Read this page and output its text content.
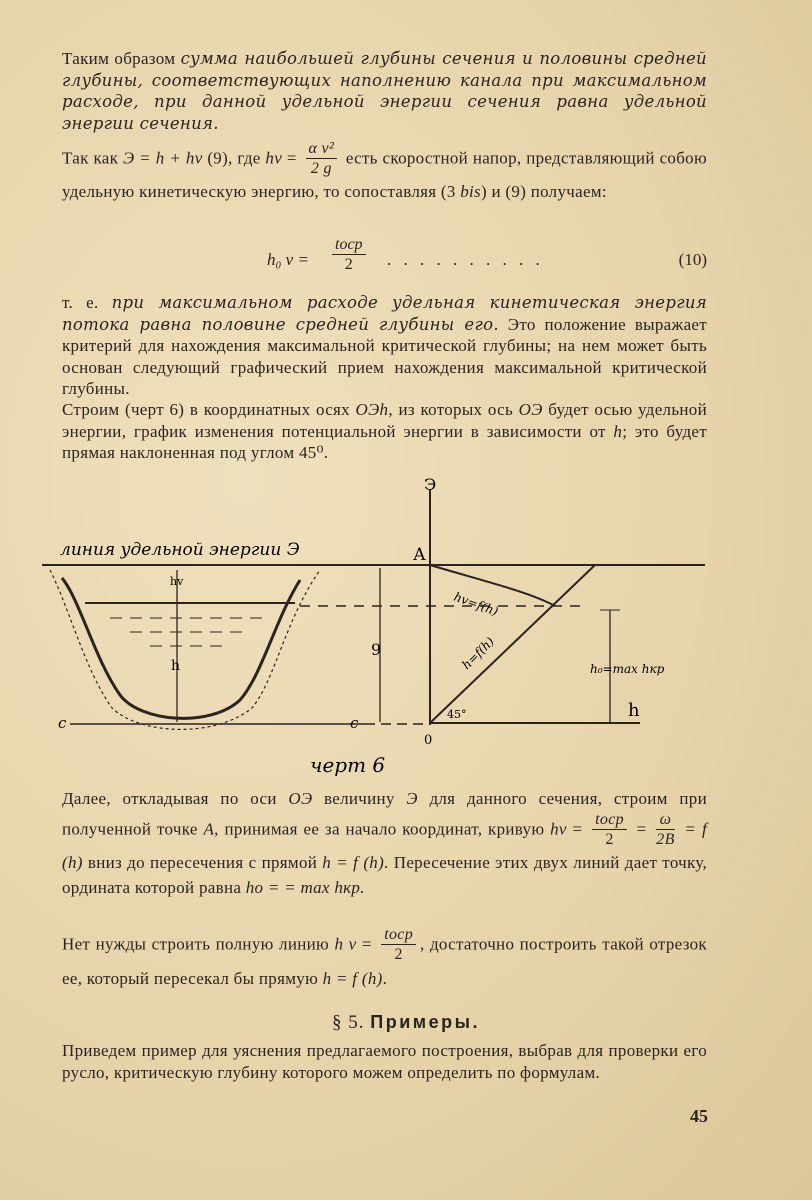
Таким образом сумма наибольшей глубины сечения и половины средней глубины, соответствующих наполнению канала при максимальном расходе, при данной удельной энергии сечения равна удельной энергии сечения.
Так как Э = h + hv (9), где hv = $\frac{\text{α v²}}{2 g}$ есть скоростной напор, представляющий собою удельную кинетическую энергию, то сопоставляя (3 bis) и (9) получаем:
h₀ v =
tocp
2	. . . . . . . . . .	(10)
т. е. при максимальном расходе удельная кинетическая энергия потока равна половине средней глубины его. Это положение выражает критерий для нахождения максимальной критической глубины; на нем может быть основан следующий графический прием нахождения максимальной критической глубины.
Строим (черт 6) в координатных осях ОЭh, из которых ось ОЭ будет осью удельной энергии, график изменения потенциальной энергии в зависимости от h; это будет прямая наклоненная под углом 45⁰.
Э
линия удельной энергии Э	А
hv
h
c	c
9
hv=f(h)
h=f(h)
45°	h
0
h₀=max hкр
черт 6
Далее, откладывая по оси ОЭ величину Э для данного сечения, строим при полученной точке А, принимая ее за начало координат, кривую hv = $\frac{\text{tocp}}{2} = \frac{\omega}{2B} = f$ (h) вниз до пересечения с прямой h = f (h). Пересечение этих двух линий дает точку, ордината которой равна ho = = max hкр.
Нет нужды строить полную линию h $v = \frac{\text{tocp}}{2}$ , достаточно построить такой отрезок ее, который пересекал бы прямую h = f (h).
§ 5. Примеры.
Приведем пример для уяснения предлагаемого построения, выбрав для проверки его русло, критическую глубину которого можем определить по формулам.
45
